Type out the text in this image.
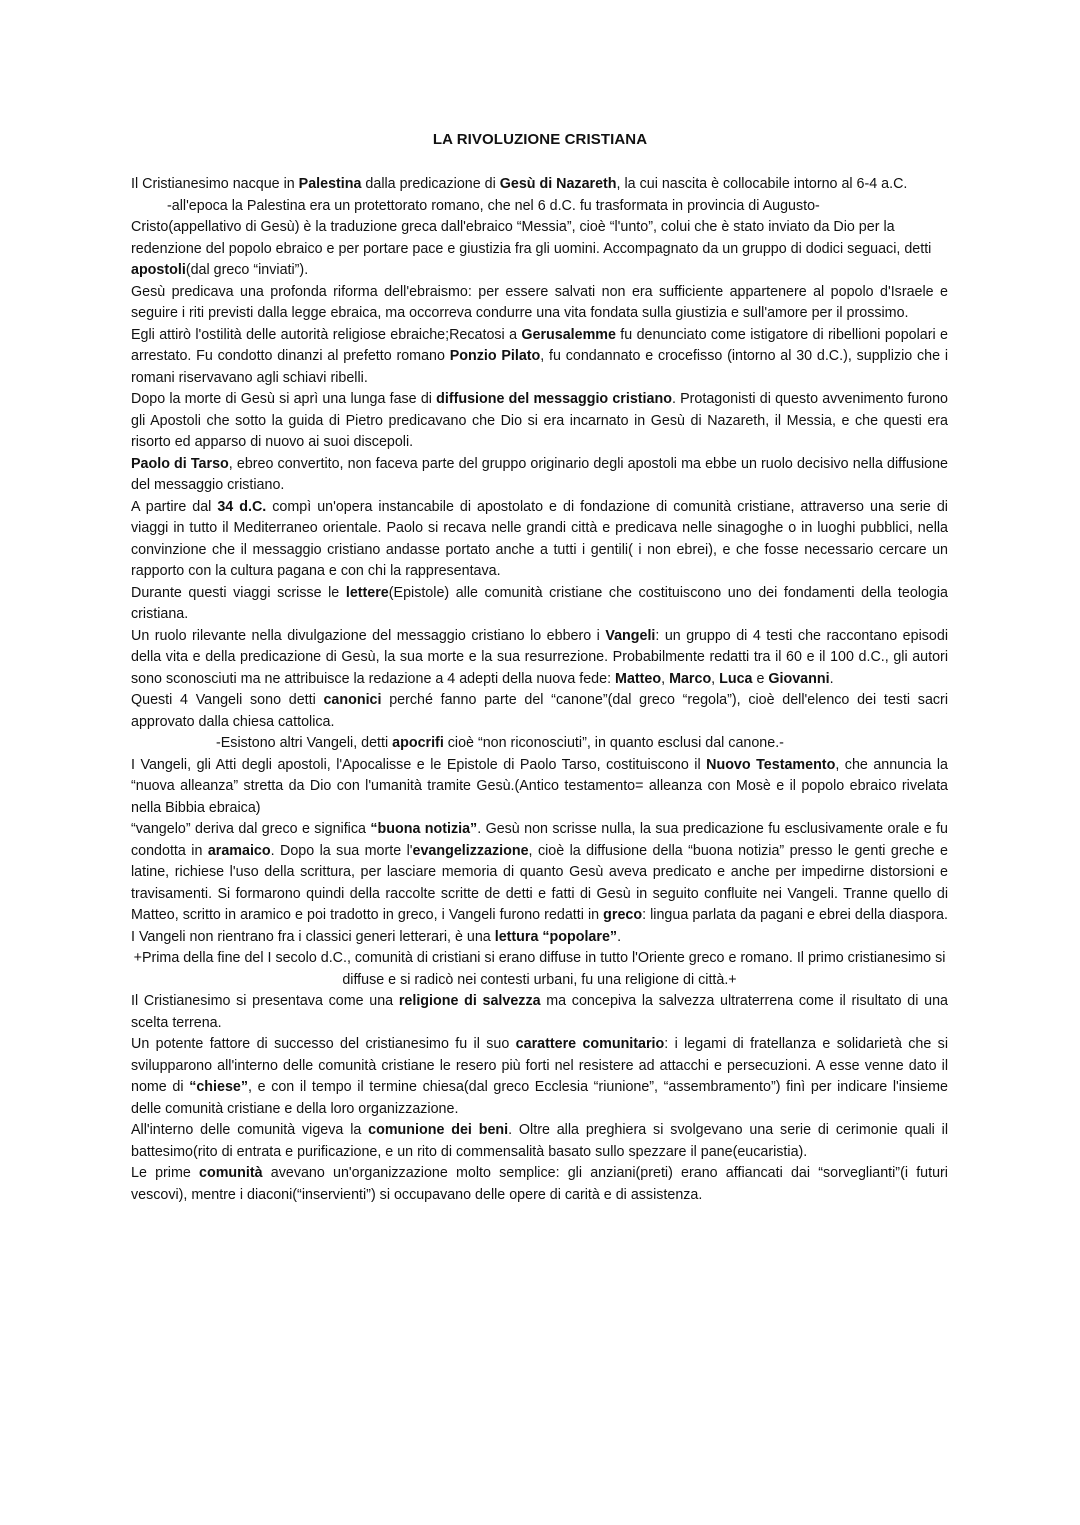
LA RIVOLUZIONE CRISTIANA

Il Cristianesimo nacque in Palestina dalla predicazione di Gesù di Nazareth, la cui nascita è collocabile intorno al 6-4 a.C.

-all'epoca la Palestina era un protettorato romano, che nel 6 d.C. fu trasformata in provincia di Augusto-

Cristo(appellativo di Gesù) è la traduzione greca dall'ebraico “Messia”, cioè “l'unto”, colui che è stato inviato da Dio per la redenzione del popolo ebraico e per portare pace e giustizia fra gli uomini. Accompagnato da un gruppo di dodici seguaci, detti apostoli(dal greco “inviati”).

Gesù predicava una profonda riforma dell'ebraismo: per essere salvati non era sufficiente appartenere al popolo d'Israele e seguire i riti previsti dalla legge ebraica, ma occorreva condurre una vita fondata sulla giustizia e sull'amore per il prossimo.

Egli attirò l'ostilità delle autorità religiose ebraiche;Recatosi a Gerusalemme fu denunciato come istigatore di ribellioni popolari e arrestato. Fu condotto dinanzi al prefetto romano Ponzio Pilato, fu condannato e crocefisso (intorno al 30 d.C.), supplizio che i romani riservavano agli schiavi ribelli.

Dopo la morte di Gesù si aprì una lunga fase di diffusione del messaggio cristiano. Protagonisti di questo avvenimento furono gli Apostoli che sotto la guida di Pietro predicavano che Dio si era incarnato in Gesù di Nazareth, il Messia, e che questi era risorto ed apparso di nuovo ai suoi discepoli.

Paolo di Tarso, ebreo convertito, non faceva parte del gruppo originario degli apostoli ma ebbe un ruolo decisivo nella diffusione del messaggio cristiano.

A partire dal 34 d.C. compì un'opera instancabile di apostolato e di fondazione di comunità cristiane, attraverso una serie di viaggi in tutto il Mediterraneo orientale. Paolo si recava nelle grandi città e predicava nelle sinagoghe o in luoghi pubblici, nella convinzione che il messaggio cristiano andasse portato anche a tutti i gentili( i non ebrei), e che fosse necessario cercare un rapporto con la cultura pagana e con chi la rappresentava.

Durante questi viaggi scrisse le lettere(Epistole) alle comunità cristiane che costituiscono uno dei fondamenti della teologia cristiana.

Un ruolo rilevante nella divulgazione del messaggio cristiano lo ebbero i Vangeli: un gruppo di 4 testi che raccontano episodi della vita e della predicazione di Gesù, la sua morte e la sua resurrezione. Probabilmente redatti tra il 60 e il 100 d.C., gli autori sono sconosciuti ma ne attribuisce la redazione a 4 adepti della nuova fede: Matteo, Marco, Luca e Giovanni.

Questi 4 Vangeli sono detti canonici perché fanno parte del “canone”(dal greco “regola”), cioè dell'elenco dei testi sacri approvato dalla chiesa cattolica.

-Esistono altri Vangeli, detti apocrifi cioè “non riconosciuti”, in quanto esclusi dal canone.-

I Vangeli, gli Atti degli apostoli, l'Apocalisse e le Epistole di Paolo Tarso, costituiscono il Nuovo Testamento, che annuncia la “nuova alleanza” stretta da Dio con l'umanità tramite Gesù.(Antico testamento= alleanza con Mosè e il popolo ebraico rivelata nella Bibbia ebraica)

“vangelo” deriva dal greco e significa “buona notizia”. Gesù non scrisse nulla, la sua predicazione fu esclusivamente orale e fu condotta in aramaico. Dopo la sua morte l'evangelizzazione, cioè la diffusione della “buona notizia” presso le genti greche e latine, richiese l'uso della scrittura, per lasciare memoria di quanto Gesù aveva predicato e anche per impedirne distorsioni e travisamenti. Si formarono quindi della raccolte scritte de detti e fatti di Gesù in seguito confluite nei Vangeli. Tranne quello di Matteo, scritto in aramico e poi tradotto in greco, i Vangeli furono redatti in greco: lingua parlata da pagani e ebrei della diaspora. I Vangeli non rientrano fra i classici generi letterari, è una lettura “popolare”.

+Prima della fine del I secolo d.C., comunità di cristiani si erano diffuse in tutto l'Oriente greco e romano. Il primo cristianesimo si diffuse e si radicò nei contesti urbani, fu una religione di città.+

Il Cristianesimo si presentava come una religione di salvezza ma concepiva la salvezza ultraterrena come il risultato di una scelta terrena.

Un potente fattore di successo del cristianesimo fu il suo carattere comunitario: i legami di fratellanza e solidarietà che si svilupparono all'interno delle comunità cristiane le resero più forti nel resistere ad attacchi e persecuzioni. A esse venne dato il nome di “chiese”, e con il tempo il termine chiesa(dal greco Ecclesia “riunione”, “assembramento”) finì per indicare l'insieme delle comunità cristiane e della loro organizzazione.

All'interno delle comunità vigeva la comunione dei beni. Oltre alla preghiera si svolgevano una serie di cerimonie quali il battesimo(rito di entrata e purificazione, e un rito di commensalità basato sullo spezzare il pane(eucaristia).

Le prime comunità avevano un'organizzazione molto semplice: gli anziani(preti) erano affiancati dai “sorveglianti”(i futuri vescovi), mentre i diaconi(“inservienti”) si occupavano delle opere di carità e di assistenza.
